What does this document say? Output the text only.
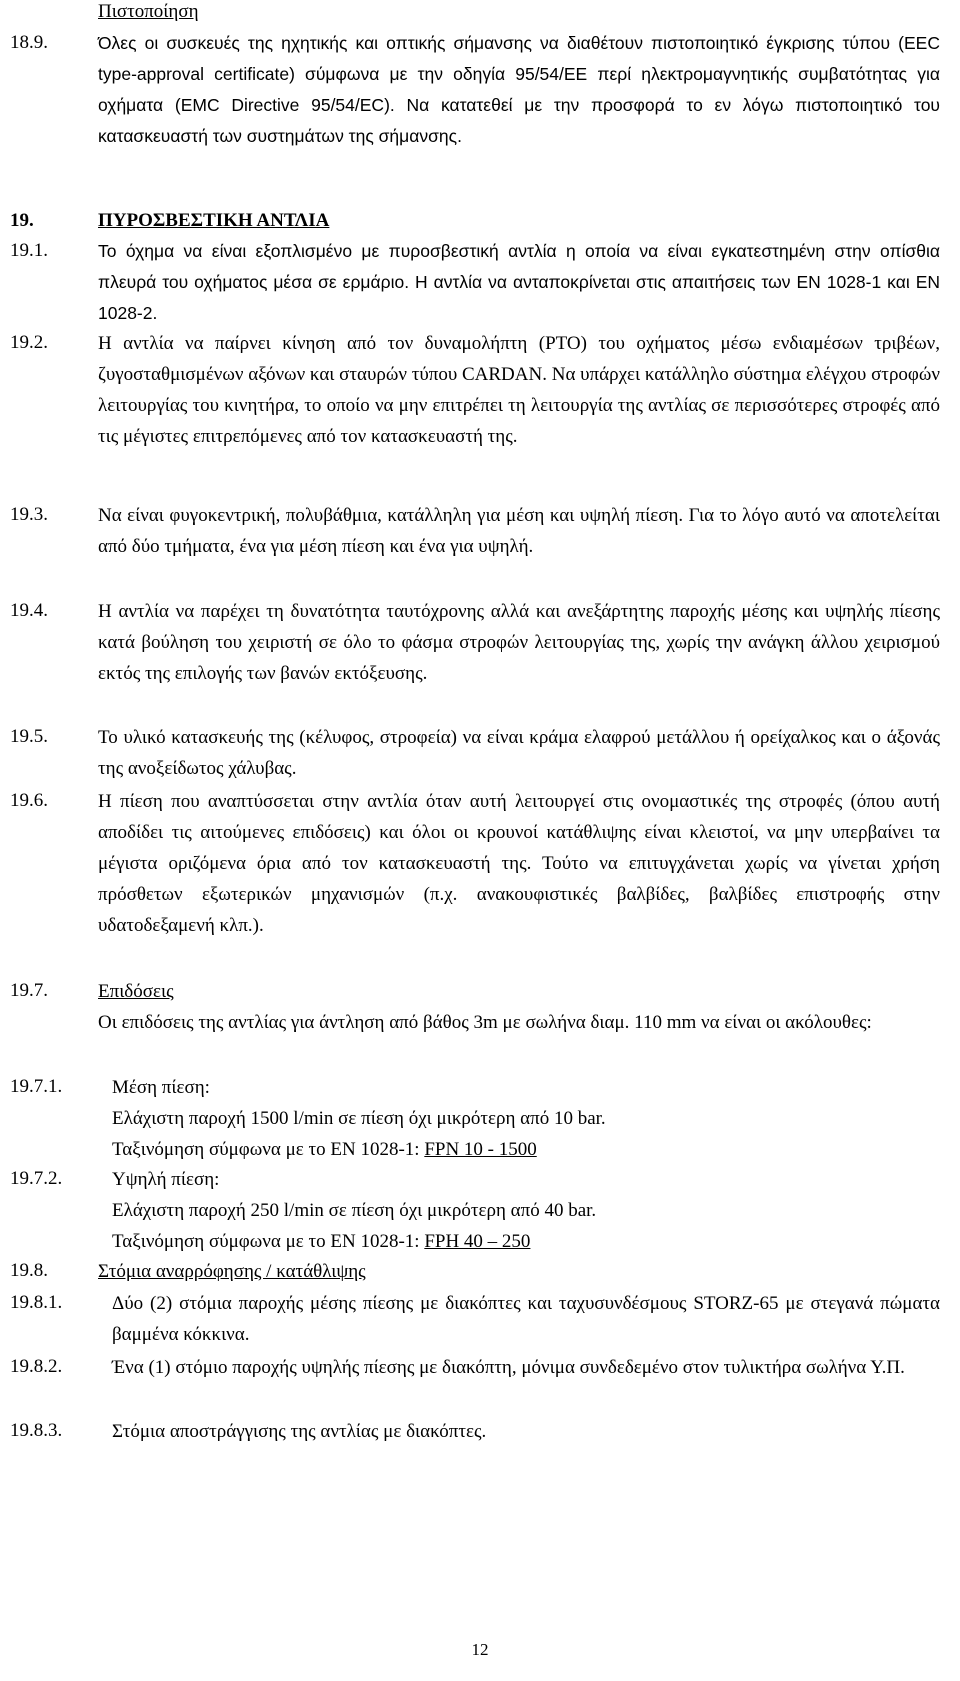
Πιστοποίηση
18.9.	Όλες οι συσκευές της ηχητικής και οπτικής σήμανσης να διαθέτουν πιστοποιητικό έγκρισης τύπου (EEC type-approval certificate) σύμφωνα με την οδηγία 95/54/ΕΕ περί ηλεκτρομαγνητικής συμβατότητας για οχήματα (EMC Directive 95/54/EC). Να κατατεθεί με την προσφορά το εν λόγω πιστοποιητικό του κατασκευαστή των συστημάτων της σήμανσης.
19.	ΠΥΡΟΣΒΕΣΤΙΚΗ ΑΝΤΛΙΑ
19.1.	Το όχημα να είναι εξοπλισμένο με πυροσβεστική αντλία η οποία να είναι εγκατεστημένη στην οπίσθια πλευρά του οχήματος μέσα σε ερμάριο. Η αντλία να ανταποκρίνεται στις απαιτήσεις των ΕΝ 1028-1 και ΕΝ 1028-2.
19.2.	Η αντλία να παίρνει κίνηση από τον δυναμολήπτη (PTO) του οχήματος μέσω ενδιαμέσων τριβέων, ζυγοσταθμισμένων αξόνων και σταυρών τύπου CARDAN. Να υπάρχει κατάλληλο σύστημα ελέγχου στροφών λειτουργίας του κινητήρα, το οποίο να μην επιτρέπει τη λειτουργία της αντλίας σε περισσότερες στροφές από τις μέγιστες επιτρεπόμενες από τον κατασκευαστή της.
19.3.	Να είναι φυγοκεντρική, πολυβάθμια, κατάλληλη για μέση και υψηλή πίεση. Για το λόγο αυτό να αποτελείται από δύο τμήματα, ένα για μέση πίεση και ένα για υψηλή.
19.4.	Η αντλία να παρέχει τη δυνατότητα ταυτόχρονης αλλά και ανεξάρτητης παροχής μέσης και υψηλής πίεσης κατά βούληση του χειριστή σε όλο το φάσμα στροφών λειτουργίας της, χωρίς την ανάγκη άλλου χειρισμού εκτός της επιλογής των βανών εκτόξευσης.
19.5.	Το υλικό κατασκευής της (κέλυφος, στροφεία) να είναι κράμα ελαφρού μετάλλου ή ορείχαλκος και ο άξονάς της ανοξείδωτος χάλυβας.
19.6.	Η πίεση που αναπτύσσεται στην αντλία όταν αυτή λειτουργεί στις ονομαστικές της στροφές (όπου αυτή αποδίδει τις αιτούμενες επιδόσεις) και όλοι οι κρουνοί κατάθλιψης είναι κλειστοί, να μην υπερβαίνει τα μέγιστα οριζόμενα όρια από τον κατασκευαστή της. Τούτο να επιτυγχάνεται χωρίς να γίνεται χρήση πρόσθετων εξωτερικών μηχανισμών (π.χ. ανακουφιστικές βαλβίδες, βαλβίδες επιστροφής στην υδατοδεξαμενή κλπ.).
19.7.	Επιδόσεις
Οι επιδόσεις της αντλίας για άντληση από βάθος 3m με σωλήνα διαμ. 110 mm να είναι οι ακόλουθες:
19.7.1.	Μέση πίεση:
Ελάχιστη παροχή 1500 l/min σε πίεση όχι μικρότερη από 10 bar.
Ταξινόμηση σύμφωνα με το ΕΝ 1028-1: FPN 10 - 1500
19.7.2.	Υψηλή πίεση:
Ελάχιστη παροχή 250 l/min σε πίεση όχι μικρότερη από 40 bar.
Ταξινόμηση σύμφωνα με το ΕΝ 1028-1: FPH 40 – 250
19.8.	Στόμια αναρρόφησης / κατάθλιψης
19.8.1.	Δύο (2) στόμια παροχής μέσης πίεσης με διακόπτες και ταχυσυνδέσμους STORZ-65 με στεγανά πώματα βαμμένα κόκκινα.
19.8.2.	Ένα (1) στόμιο παροχής υψηλής πίεσης με διακόπτη, μόνιμα συνδεδεμένο στον τυλικτήρα σωλήνα Υ.Π.
19.8.3.	Στόμια αποστράγγισης της αντλίας με διακόπτες.
12
